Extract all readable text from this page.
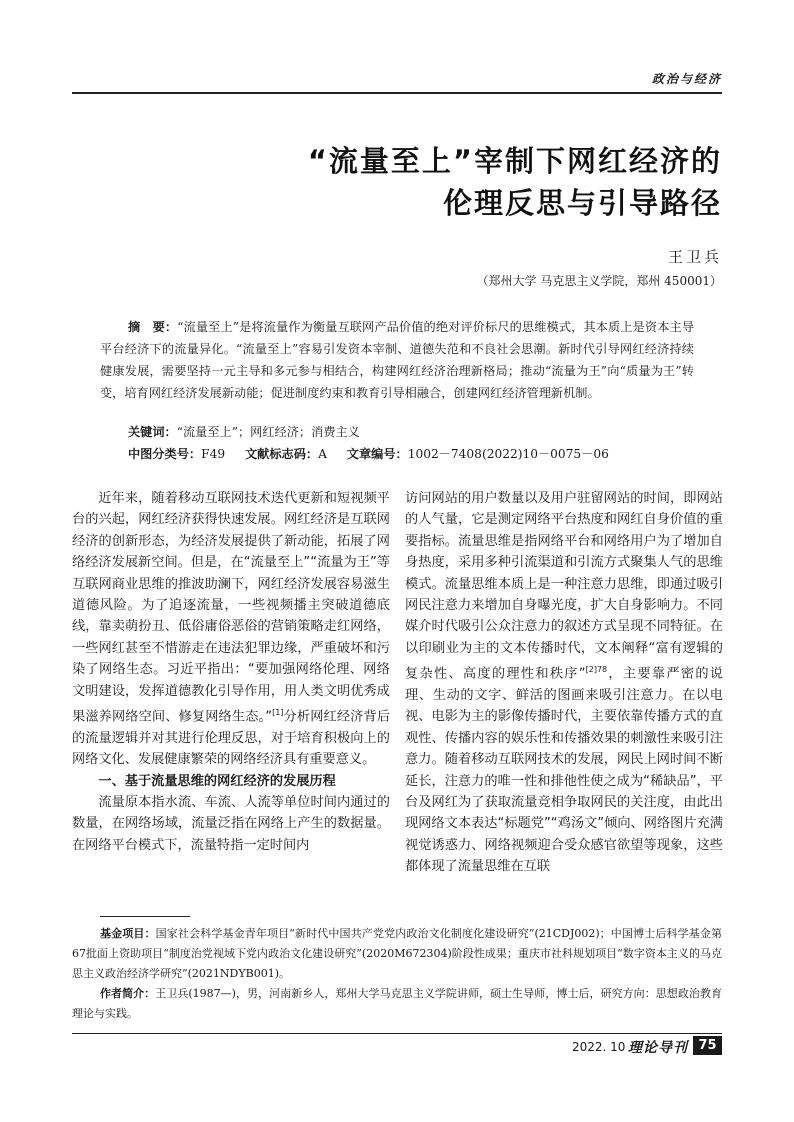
政治与经济
“流量至上”宰制下网红经济的
伦理反思与引导路径
王卫兵
（郑州大学 马克思主义学院，郑州 450001）
摘　要：“流量至上”是将流量作为衡量互联网产品价值的绝对评价标尺的思维模式，其本质上是资本主导平台经济下的流量异化。“流量至上”容易引发资本宰制、道德失范和不良社会思潮。新时代引导网红经济持续健康发展，需要坚持一元主导和多元参与相结合，构建网红经济治理新格局；推动“流量为王”向“质量为王”转变，培育网红经济发展新动能；促进制度约束和教育引导相融合，创建网红经济管理新机制。
关键词：“流量至上”；网红经济；消费主义
中图分类号：F49 文献标志码：A 文章编号：1002－7408(2022)10－0075－06

近年来，随着移动互联网技术迭代更新和短视频平台的兴起，网红经济获得快速发展。网红经济是互联网经济的创新形态，为经济发展提供了新动能，拓展了网络经济发展新空间。但是，在“流量至上”“流量为王”等互联网商业思维的推波助澜下，网红经济发展容易滋生道德风险。为了追逐流量，一些视频播主突破道德底线，靠卖萌扮丑、低俗庸俗恶俗的营销策略走红网络，一些网红甚至不惜游走在违法犯罪边缘，严重破坏和污染了网络生态。习近平指出：“要加强网络伦理、网络文明建设，发挥道德教化引导作用，用人类文明优秀成果滋养网络空间、修复网络生态。”[1]分析网红经济背后的流量逻辑并对其进行伦理反思，对于培育积极向上的网络文化、发展健康繁荣的网络经济具有重要意义。

一、基于流量思维的网红经济的发展历程

流量原本指水流、车流、人流等单位时间内通过的数量，在网络场域，流量泛指在网络上产生的数据量。在网络平台模式下，流量特指一定时间内

访问网站的用户数量以及用户驻留网站的时间，即网站的人气量，它是测定网络平台热度和网红自身价值的重要指标。流量思维是指网络平台和网络用户为了增加自身热度，采用多种引流渠道和引流方式聚集人气的思维模式。流量思维本质上是一种注意力思维，即通过吸引网民注意力来增加自身曝光度，扩大自身影响力。不同媒介时代吸引公众注意力的叙述方式呈现不同特征。在以印刷业为主的文本传播时代，文本阐释“富有逻辑的复杂性、高度的理性和秩序”$^{[2]78}$，主要靠严密的说理、生动的文字、鲜活的图画来吸引注意力。在以电视、电影为主的影像传播时代，主要依靠传播方式的直观性、传播内容的娱乐性和传播效果的刺激性来吸引注意力。随着移动互联网技术的发展，网民上网时间不断延长，注意力的唯一性和排他性使之成为“稀缺品”，平台及网红为了获取流量竞相争取网民的关注度，由此出现网络文本表达“标题党”“鸡汤文”倾向、网络图片充满视觉诱惑力、网络视频迎合受众感官欲望等现象，这些都体现了流量思维在互联

基金项目：国家社会科学基金青年项目“新时代中国共产党党内政治文化制度化建设研究”(21CDJ002)；中国博士后科学基金第67批面上资助项目“制度治党视域下党内政治文化建设研究”(2020M672304)阶段性成果；重庆市社科规划项目“数字资本主义的马克思主义政治经济学研究”(2021NDYB001)。

作者简介：王卫兵(1987—)，男，河南新乡人，郑州大学马克思主义学院讲师，硕士生导师，博士后，研究方向：思想政治教育理论与实践。

2022. 10 理论导刊 75
